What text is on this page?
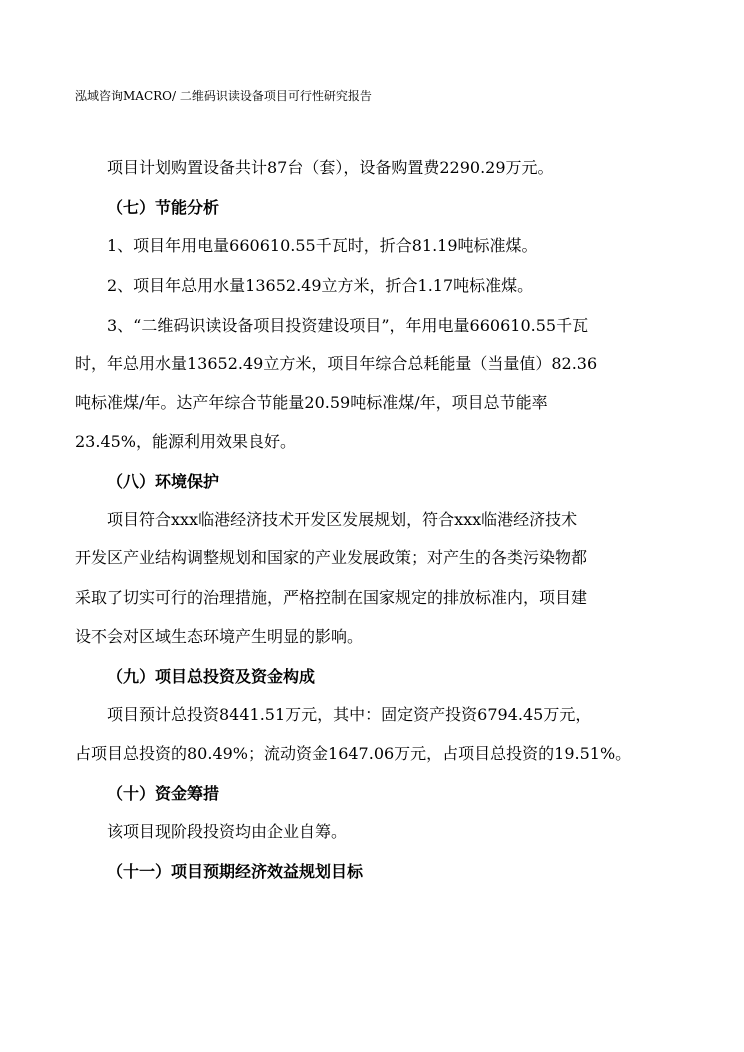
泓域咨询MACRO/ 二维码识读设备项目可行性研究报告
项目计划购置设备共计87台（套），设备购置费2290.29万元。
（七）节能分析
1、项目年用电量660610.55千瓦时，折合81.19吨标准煤。
2、项目年总用水量13652.49立方米，折合1.17吨标准煤。
3、“二维码识读设备项目投资建设项目”，年用电量660610.55千瓦
时，年总用水量13652.49立方米，项目年综合总耗能量（当量值）82.36
吨标准煤/年。达产年综合节能量20.59吨标准煤/年，项目总节能率
23.45%，能源利用效果良好。
（八）环境保护
项目符合xxx临港经济技术开发区发展规划，符合xxx临港经济技术
开发区产业结构调整规划和国家的产业发展政策；对产生的各类污染物都
采取了切实可行的治理措施，严格控制在国家规定的排放标准内，项目建
设不会对区域生态环境产生明显的影响。
（九）项目总投资及资金构成
项目预计总投资8441.51万元，其中：固定资产投资6794.45万元，
占项目总投资的80.49%；流动资金1647.06万元，占项目总投资的19.51%。
（十）资金筹措
该项目现阶段投资均由企业自筹。
（十一）项目预期经济效益规划目标
